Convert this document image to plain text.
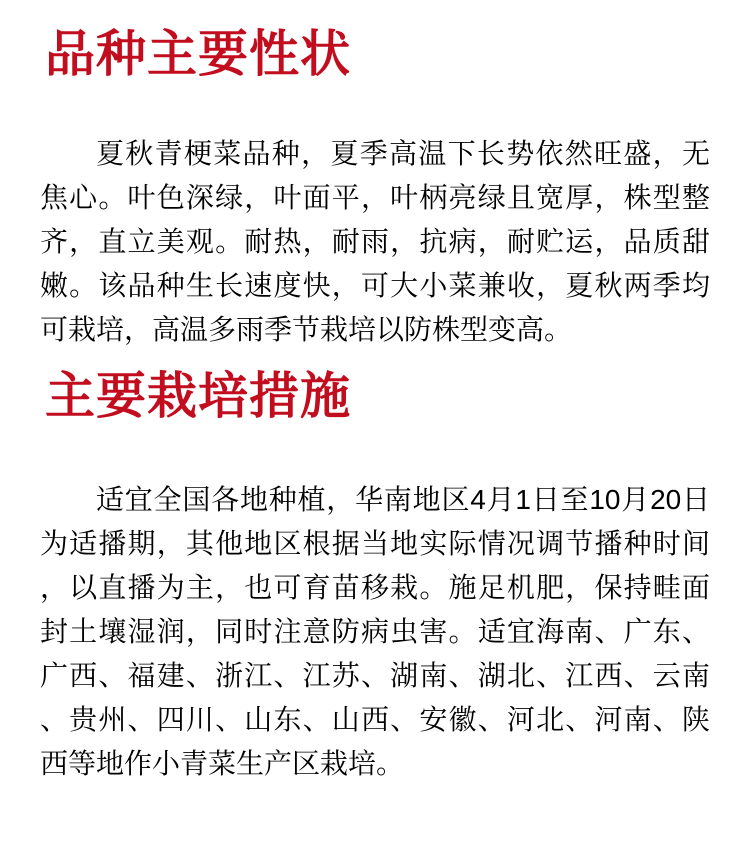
品种主要性状
夏秋青梗菜品种，夏季高温下长势依然旺盛，无
焦心。叶色深绿，叶面平，叶柄亮绿且宽厚，株型整
齐，直立美观。耐热，耐雨，抗病，耐贮运，品质甜
嫩。该品种生长速度快，可大小菜兼收，夏秋两季均
可栽培，高温多雨季节栽培以防株型变高。
主要栽培措施
适宜全国各地种植，华南地区4月1日至10月20日
为适播期，其他地区根据当地实际情况调节播种时间
，以直播为主，也可育苗移栽。施足机肥，保持畦面
封土壤湿润，同时注意防病虫害。适宜海南、广东、
广西、福建、浙江、江苏、湖南、湖北、江西、云南
、贵州、四川、山东、山西、安徽、河北、河南、陕
西等地作小青菜生产区栽培。
